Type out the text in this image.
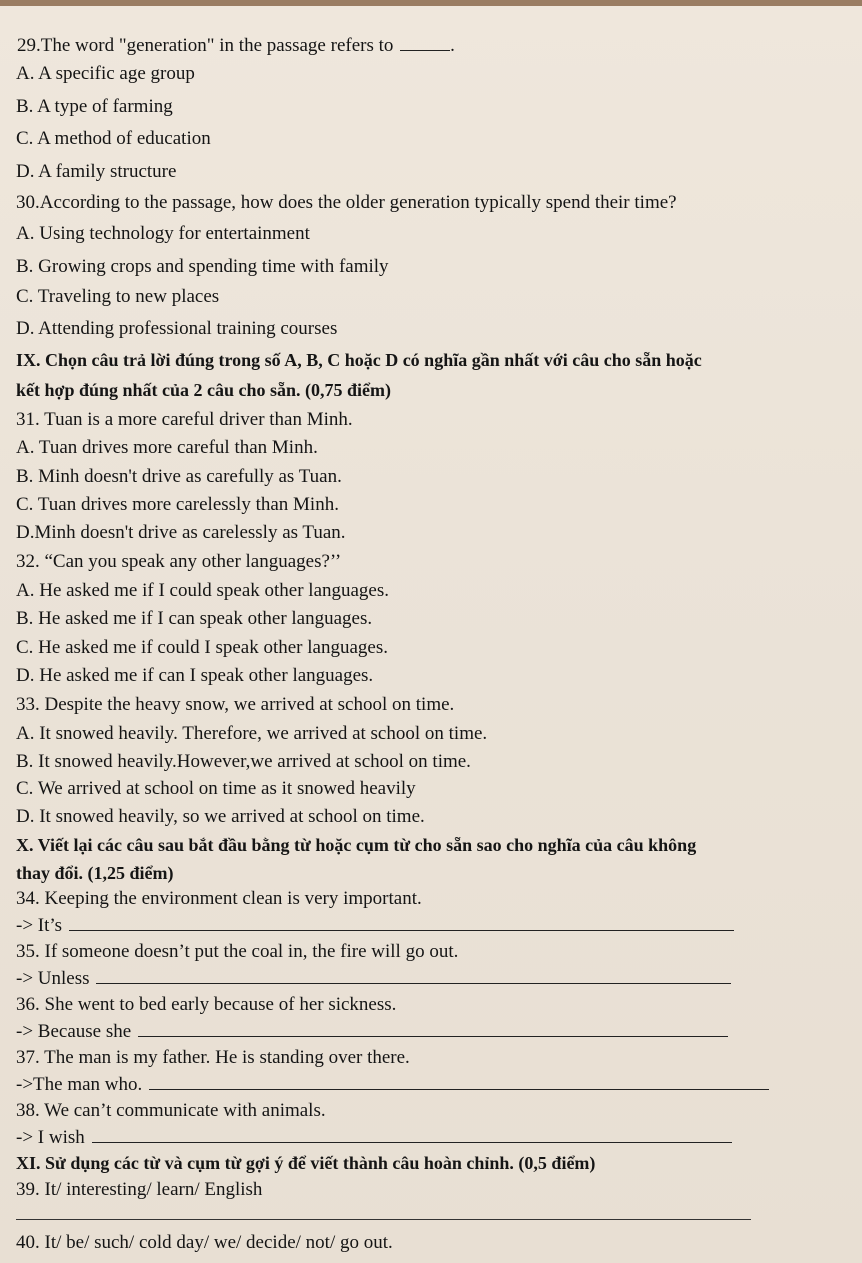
29.The word "generation" in the passage refers to	.
A. A specific age group
B. A type of farming
C. A method of education
D. A family structure
30.According to the passage, how does the older generation typically spend their time?
A. Using technology for entertainment
B. Growing crops and spending time with family
C. Traveling to new places
D. Attending professional training courses
IX. Chọn câu trả lời đúng trong số A, B, C hoặc D có nghĩa gần nhất với câu cho sẵn hoặc
kết hợp đúng nhất của 2 câu cho sẵn. (0,75 điểm)
31. Tuan is a more careful driver than Minh.
A. Tuan drives more careful than Minh.
B. Minh doesn't drive as carefully as Tuan.
C. Tuan drives more carelessly than Minh.
D.Minh doesn't drive as carelessly as Tuan.
32. “Can you speak any other languages?’’
A. He asked me if I could speak other languages.
B. He asked me if I can speak other languages.
C. He asked me if could I speak other languages.
D. He asked me if can I speak other languages.
33. Despite the heavy snow, we arrived at school on time.
A. It snowed heavily. Therefore, we arrived at school on time.
B. It snowed heavily.However,we arrived at school on time.
C. We arrived at school on time as it snowed heavily
D. It snowed heavily, so we arrived at school on time.
X. Viết lại các câu sau bắt đầu bằng từ hoặc cụm từ cho sẵn sao cho nghĩa của câu không
thay đổi. (1,25 điểm)
34. Keeping the environment clean is very important.
-> It’s
35. If someone doesn’t put the coal in, the fire will go out.
-> Unless
36. She went to bed early because of her sickness.
-> Because she
37. The man is my father. He is standing over there.
->The man who.
38. We can’t communicate with animals.
-> I wish
XI. Sử dụng các từ và cụm từ gợi ý để viết thành câu hoàn chỉnh. (0,5 điểm)
39. It/ interesting/ learn/ English
40. It/ be/ such/ cold day/ we/ decide/ not/ go out.
